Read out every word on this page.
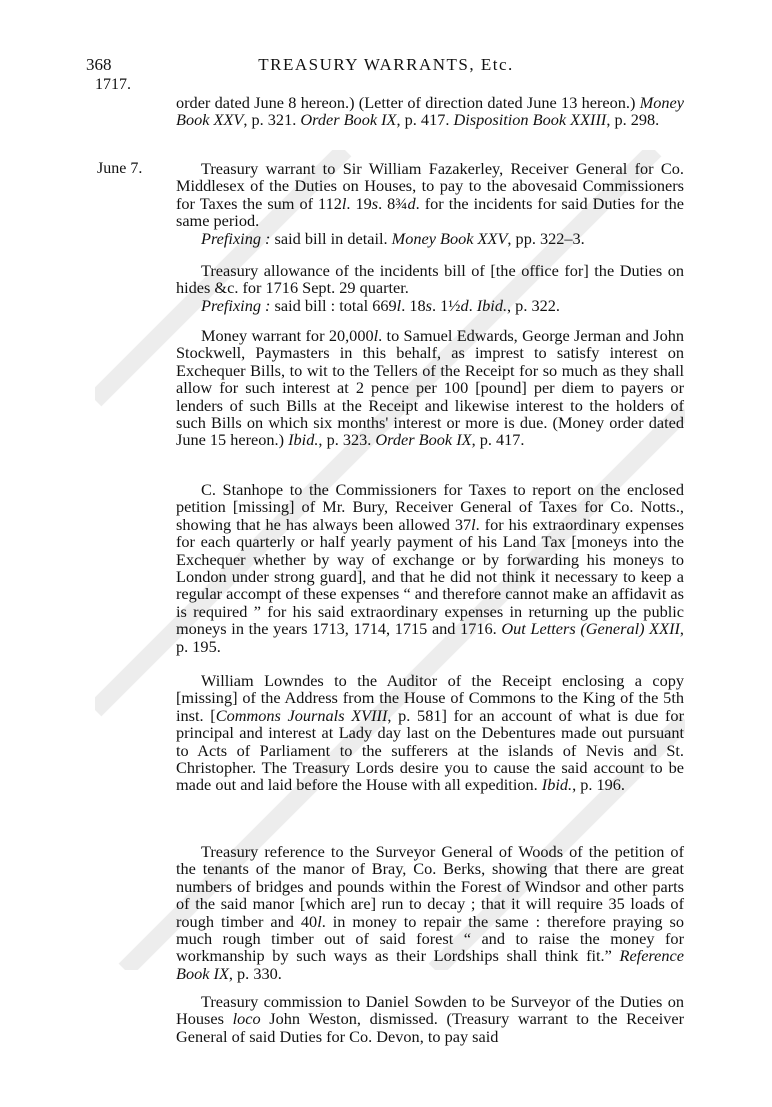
368	TREASURY WARRANTS, Etc.
1717.
June 7.

order dated June 8 hereon.) (Letter of direction dated June 13 hereon.) Money Book XXV, p. 321. Order Book IX, p. 417. Disposition Book XXIII, p. 298.

Treasury warrant to Sir William Fazakerley, Receiver General for Co. Middlesex of the Duties on Houses, to pay to the abovesaid Commissioners for Taxes the sum of 112l. 19s. 8¾d. for the incidents for said Duties for the same period.

Prefixing : said bill in detail. Money Book XXV, pp. 322–3.

Treasury allowance of the incidents bill of [the office for] the Duties on hides &c. for 1716 Sept. 29 quarter.

Prefixing : said bill : total 669l. 18s. 1½d. Ibid., p. 322.

Money warrant for 20,000l. to Samuel Edwards, George Jerman and John Stockwell, Paymasters in this behalf, as imprest to satisfy interest on Exchequer Bills, to wit to the Tellers of the Receipt for so much as they shall allow for such interest at 2 pence per 100 [pound] per diem to payers or lenders of such Bills at the Receipt and likewise interest to the holders of such Bills on which six months' interest or more is due. (Money order dated June 15 hereon.) Ibid., p. 323. Order Book IX, p. 417.

C. Stanhope to the Commissioners for Taxes to report on the enclosed petition [missing] of Mr. Bury, Receiver General of Taxes for Co. Notts., showing that he has always been allowed 37l. for his extraordinary expenses for each quarterly or half yearly payment of his Land Tax [moneys into the Exchequer whether by way of exchange or by forwarding his moneys to London under strong guard], and that he did not think it necessary to keep a regular accompt of these expenses “ and therefore cannot make an affidavit as is required ” for his said extraordinary expenses in returning up the public moneys in the years 1713, 1714, 1715 and 1716. Out Letters (General) XXII, p. 195.

William Lowndes to the Auditor of the Receipt enclosing a copy [missing] of the Address from the House of Commons to the King of the 5th inst. [Commons Journals XVIII, p. 581] for an account of what is due for principal and interest at Lady day last on the Debentures made out pursuant to Acts of Parliament to the sufferers at the islands of Nevis and St. Christopher. The Treasury Lords desire you to cause the said account to be made out and laid before the House with all expedition. Ibid., p. 196.

Treasury reference to the Surveyor General of Woods of the petition of the tenants of the manor of Bray, Co. Berks, showing that there are great numbers of bridges and pounds within the Forest of Windsor and other parts of the said manor [which are] run to decay ; that it will require 35 loads of rough timber and 40l. in money to repair the same : therefore praying so much rough timber out of said forest “ and to raise the money for workmanship by such ways as their Lordships shall think fit.” Reference Book IX, p. 330.

Treasury commission to Daniel Sowden to be Surveyor of the Duties on Houses loco John Weston, dismissed. (Treasury warrant to the Receiver General of said Duties for Co. Devon, to pay said
